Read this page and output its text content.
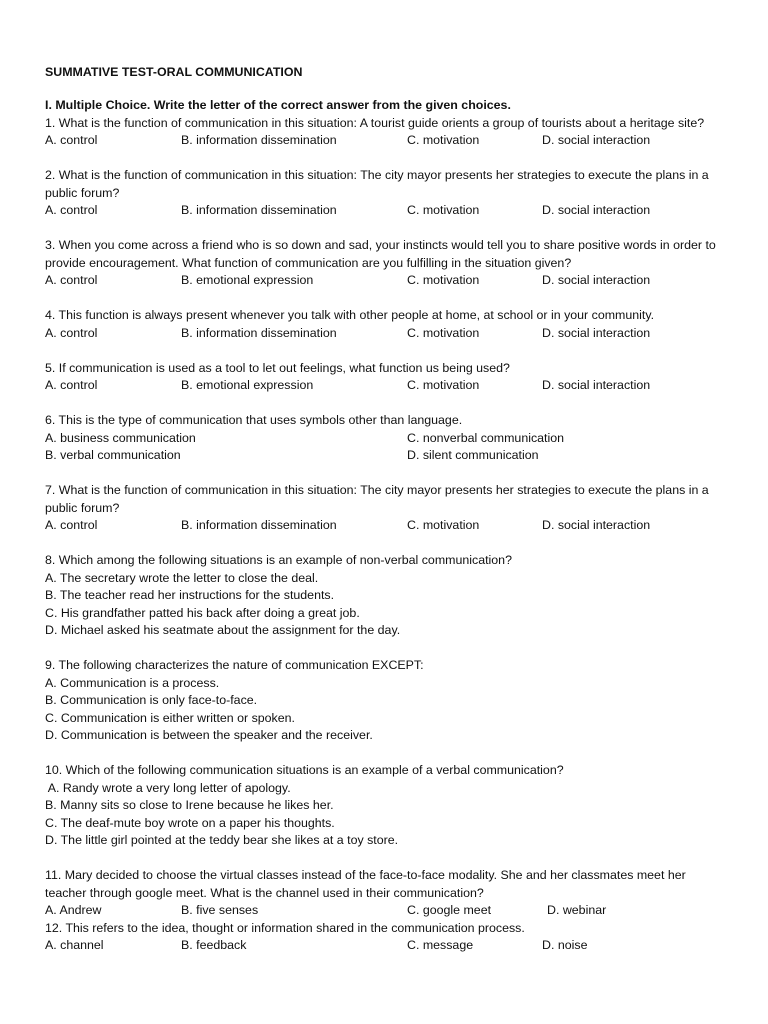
SUMMATIVE TEST-ORAL COMMUNICATION
I. Multiple Choice. Write the letter of the correct answer from the given choices.
1. What is the function of communication in this situation: A tourist guide orients a group of tourists about a heritage site?
A. control	B. information dissemination	C. motivation	D. social interaction
2. What is the function of communication in this situation: The city mayor presents her strategies to execute the plans in a public forum?
A. control	B. information dissemination	C. motivation	D. social interaction
3. When you come across a friend who is so down and sad, your instincts would tell you to share positive words in order to provide encouragement. What function of communication are you fulfilling in the situation given?
A. control	B. emotional expression	C. motivation	D. social interaction
4. This function is always present whenever you talk with other people at home, at school or in your community.
A. control	B. information dissemination	C. motivation	D. social interaction
5. If communication is used as a tool to let out feelings, what function us being used?
A. control	B. emotional expression	C. motivation	D. social interaction
6. This is the type of communication that uses symbols other than language.
A. business communication	C. nonverbal communication
B. verbal communication	D. silent communication
7. What is the function of communication in this situation: The city mayor presents her strategies to execute the plans in a public forum?
A. control	B. information dissemination	C. motivation	D. social interaction
8. Which among the following situations is an example of non-verbal communication?
A. The secretary wrote the letter to close the deal.
B. The teacher read her instructions for the students.
C. His grandfather patted his back after doing a great job.
D. Michael asked his seatmate about the assignment for the day.
9. The following characterizes the nature of communication EXCEPT:
A. Communication is a process.
B. Communication is only face-to-face.
C. Communication is either written or spoken.
D. Communication is between the speaker and the receiver.
10. Which of the following communication situations is an example of a verbal communication?
A. Randy wrote a very long letter of apology.
B. Manny sits so close to Irene because he likes her.
C. The deaf-mute boy wrote on a paper his thoughts.
D. The little girl pointed at the teddy bear she likes at a toy store.
11. Mary decided to choose the virtual classes instead of the face-to-face modality. She and her classmates meet her teacher through google meet. What is the channel used in their communication?
A. Andrew	B. five senses	C. google meet	D. webinar
12. This refers to the idea, thought or information shared in the communication process.
A. channel	B. feedback	C. message	D. noise
